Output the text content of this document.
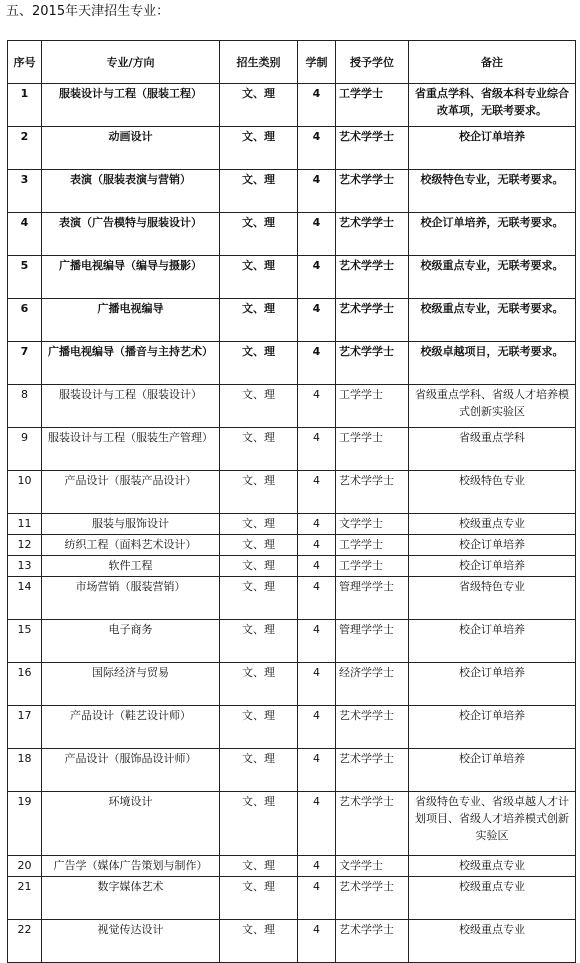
五、2015年天津招生专业：
序号	专业/方向	招生类别	学制	授予学位	备注
1	服装设计与工程（服装工程）	文、理	4	工学学士	省重点学科、省级本科专业综合改革项，无联考要求。
2	动画设计	文、理	4	艺术学学士	校企订单培养
3	表演（服装表演与营销）	文、理	4	艺术学学士	校级特色专业，无联考要求。
4	表演（广告模特与服装设计）	文、理	4	艺术学学士	校企订单培养，无联考要求。
5	广播电视编导（编导与摄影）	文、理	4	艺术学学士	校级重点专业，无联考要求。
6	广播电视编导	文、理	4	艺术学学士	校级重点专业，无联考要求。
7	广播电视编导（播音与主持艺术）	文、理	4	艺术学学士	校级卓越项目，无联考要求。
8	服装设计与工程（服装设计）	文、理	4	工学学士	省级重点学科、省级人才培养模式创新实验区
9	服装设计与工程（服装生产管理）	文、理	4	工学学士	省级重点学科
10	产品设计（服装产品设计）	文、理	4	艺术学学士	校级特色专业
11	服装与服饰设计	文、理	4	文学学士	校级重点专业
12	纺织工程（面料艺术设计）	文、理	4	工学学士	校企订单培养
13	软件工程	文、理	4	工学学士	校企订单培养
14	市场营销（服装营销）	文、理	4	管理学学士	省级特色专业
15	电子商务	文、理	4	管理学学士	校企订单培养
16	国际经济与贸易	文、理	4	经济学学士	校企订单培养
17	产品设计（鞋艺设计师）	文、理	4	艺术学学士	校企订单培养
18	产品设计（服饰品设计师）	文、理	4	艺术学学士	校企订单培养
19	环境设计	文、理	4	艺术学学士	省级特色专业、省级卓越人才计划项目、省级人才培养模式创新实验区
20	广告学（媒体广告策划与制作）	文、理	4	文学学士	校级重点专业
21	数字媒体艺术	文、理	4	艺术学学士	校级重点专业
22	视觉传达设计	文、理	4	艺术学学士	校级重点专业
